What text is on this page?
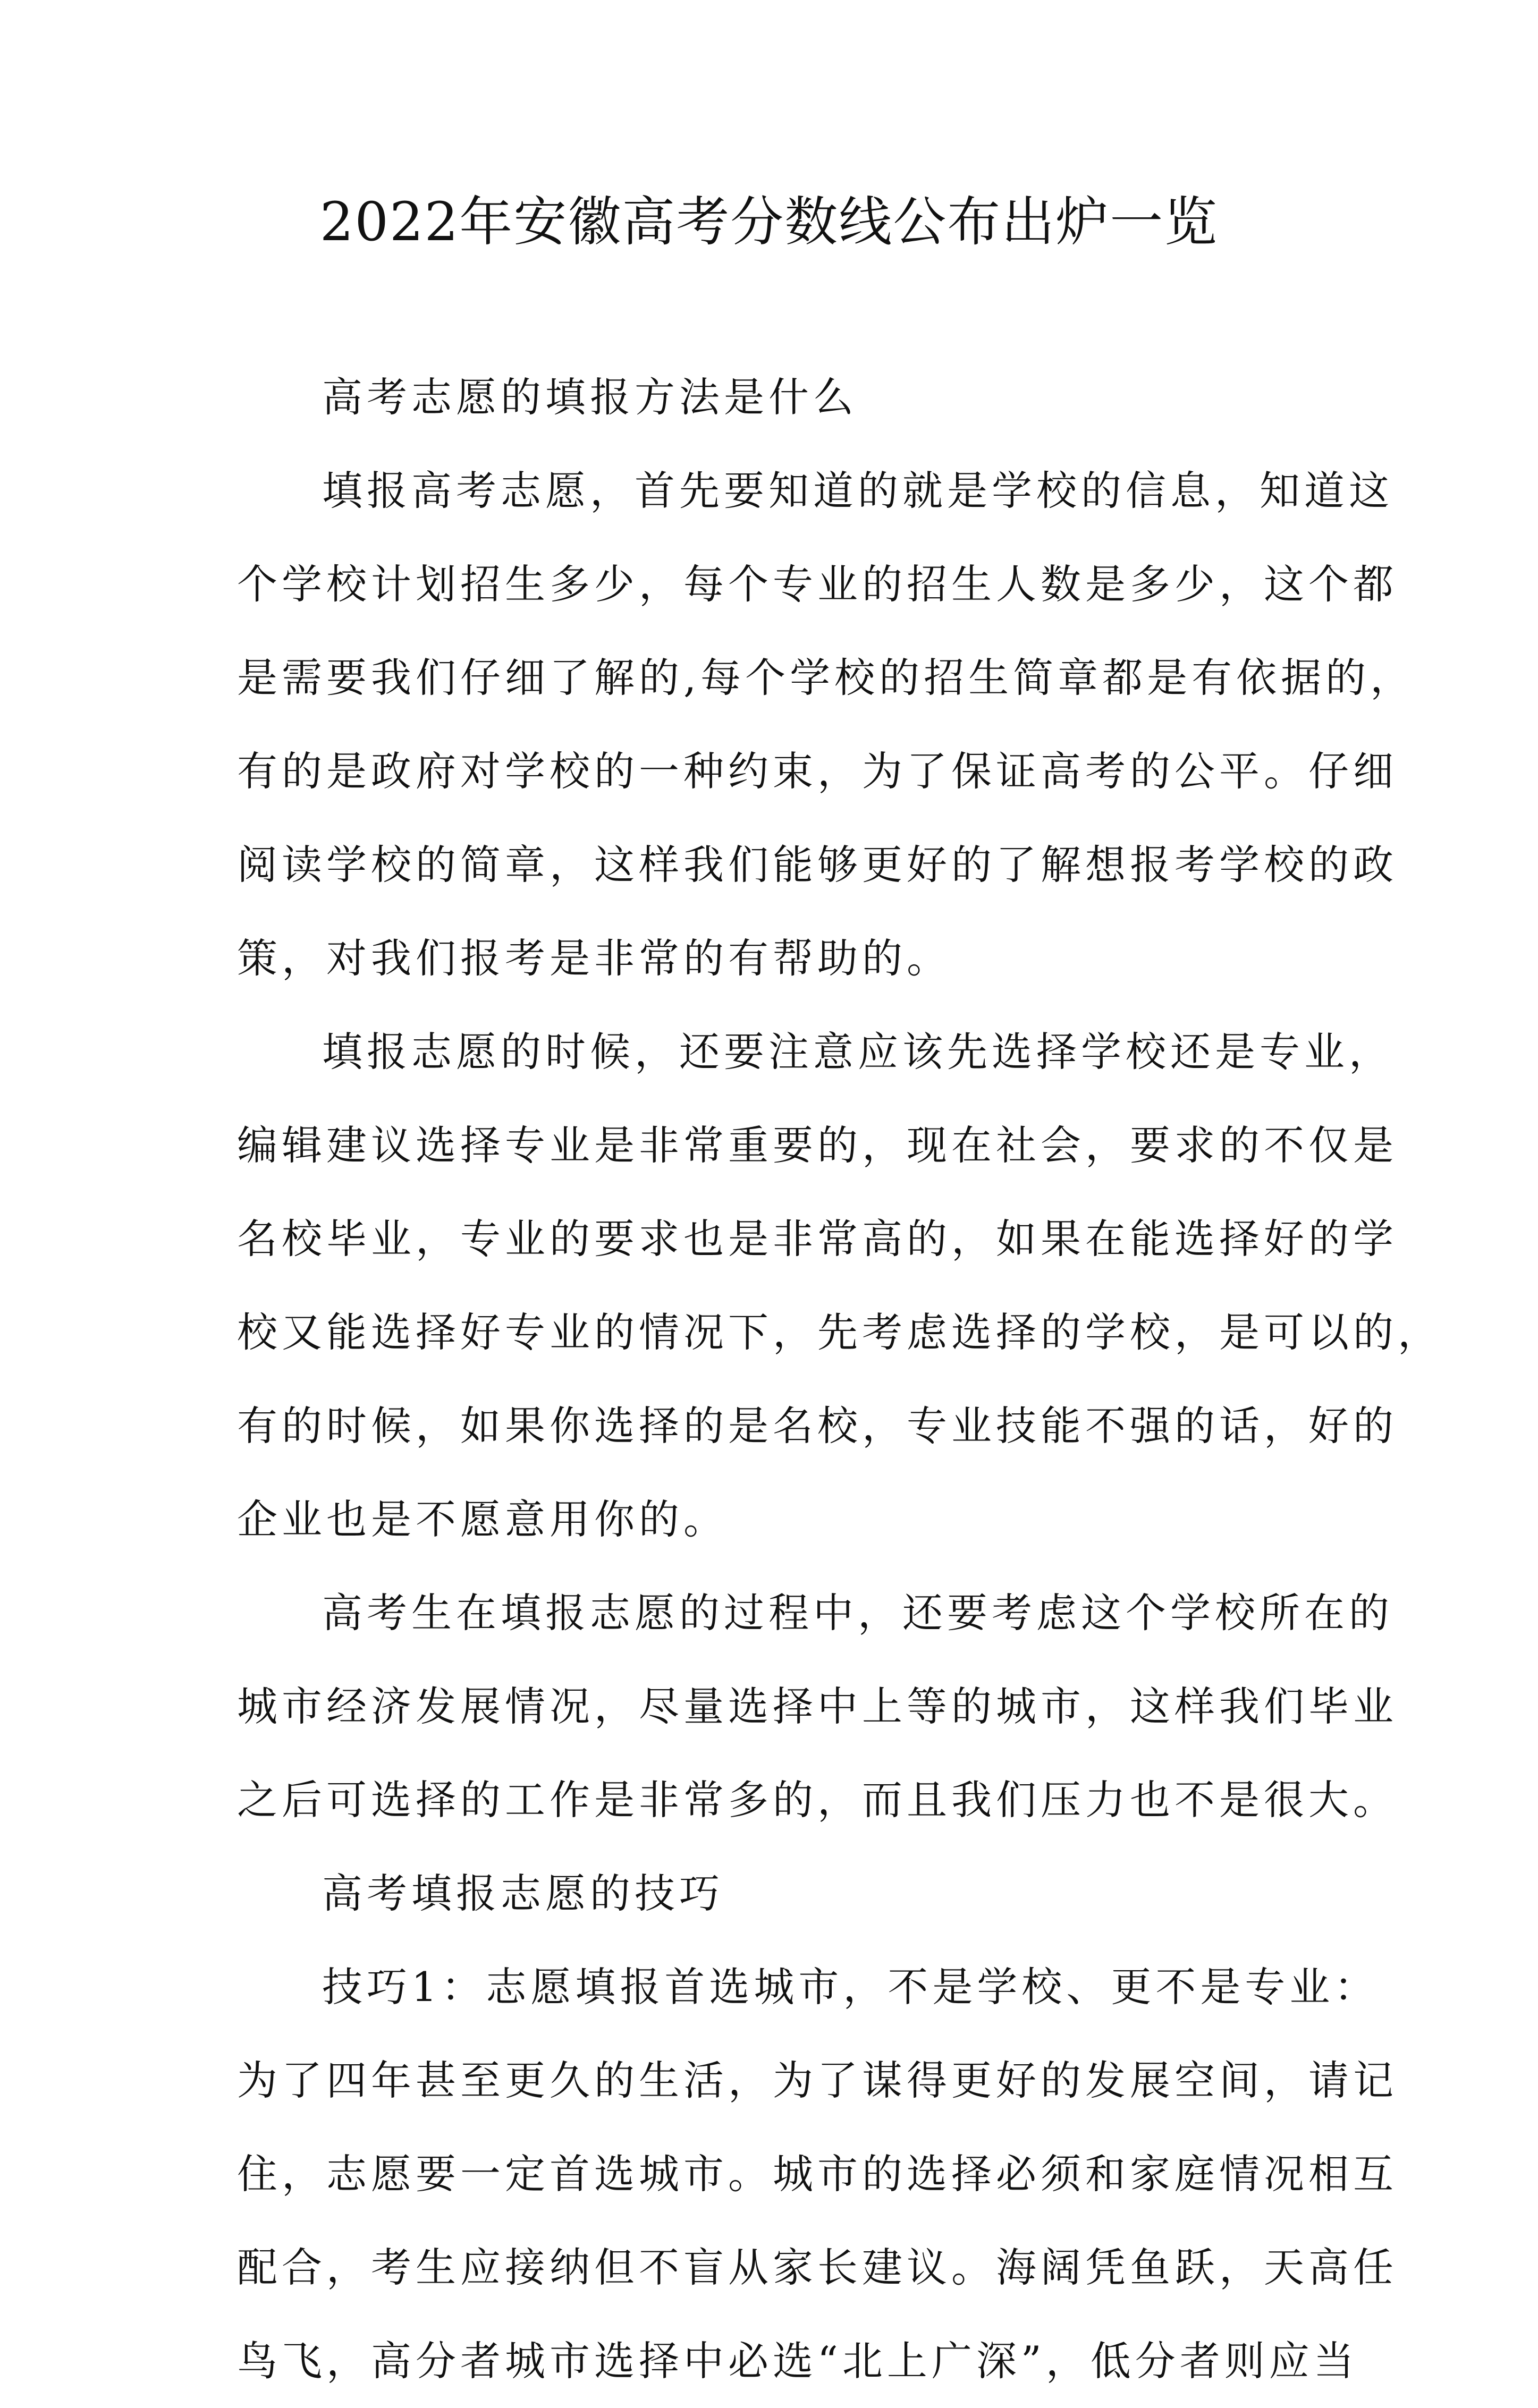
2022年安徽高考分数线公布出炉一览
高考志愿的填报方法是什么
填报高考志愿，首先要知道的就是学校的信息，知道这
个学校计划招生多少，每个专业的招生人数是多少，这个都
是需要我们仔细了解的,每个学校的招生简章都是有依据的，
有的是政府对学校的一种约束，为了保证高考的公平。仔细
阅读学校的简章，这样我们能够更好的了解想报考学校的政
策，对我们报考是非常的有帮助的。
填报志愿的时候，还要注意应该先选择学校还是专业，
编辑建议选择专业是非常重要的，现在社会，要求的不仅是
名校毕业，专业的要求也是非常高的，如果在能选择好的学
校又能选择好专业的情况下，先考虑选择的学校，是可以的，
有的时候，如果你选择的是名校，专业技能不强的话，好的
企业也是不愿意用你的。
高考生在填报志愿的过程中，还要考虑这个学校所在的
城市经济发展情况，尽量选择中上等的城市，这样我们毕业
之后可选择的工作是非常多的，而且我们压力也不是很大。
高考填报志愿的技巧
技巧1：志愿填报首选城市，不是学校、更不是专业：
为了四年甚至更久的生活，为了谋得更好的发展空间，请记
住，志愿要一定首选城市。城市的选择必须和家庭情况相互
配合，考生应接纳但不盲从家长建议。海阔凭鱼跃，天高任
鸟飞，高分者城市选择中必选“北上广深”，低分者则应当
